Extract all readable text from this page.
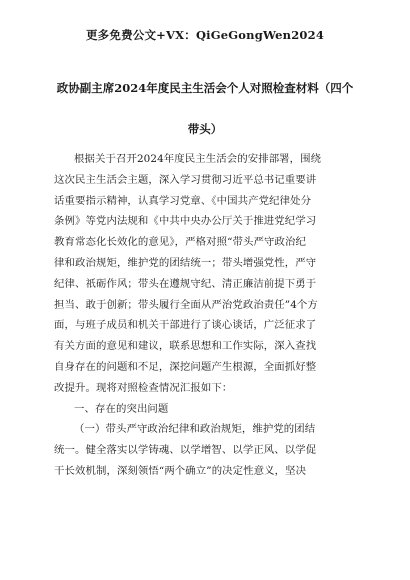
更多免费公文+VX：QiGeGongWen2024
政协副主席2024年度民主生活会个人对照检查材料（四个
带头）
根据关于召开2024年度民主生活会的安排部署，围绕
这次民主生活会主题，深入学习贯彻习近平总书记重要讲
话重要指示精神，认真学习党章、《中国共产党纪律处分
条例》等党内法规和《中共中央办公厅关于推进党纪学习
教育常态化长效化的意见》，严格对照“带头严守政治纪
律和政治规矩，维护党的团结统一；带头增强党性，严守
纪律、祇砺作风；带头在遵规守纪、清正廉洁前提下勇于
担当、敢于创新；带头履行全面从严治党政治责任”4个方
面，与班子成员和机关干部进行了谈心谈话，广泛征求了
有关方面的意见和建议，联系思想和工作实际，深入查找
自身存在的问题和不足，深挖问题产生根源，全面抓好整
改提升。现将对照检查情况汇报如下：
一、存在的突出问题
（一）带头严守政治纪律和政治规矩，维护党的团结
统一。健全落实以学铸魂、以学增智、以学正风、以学促
干长效机制，深刻领悟“两个确立”的决定性意义，坚决
